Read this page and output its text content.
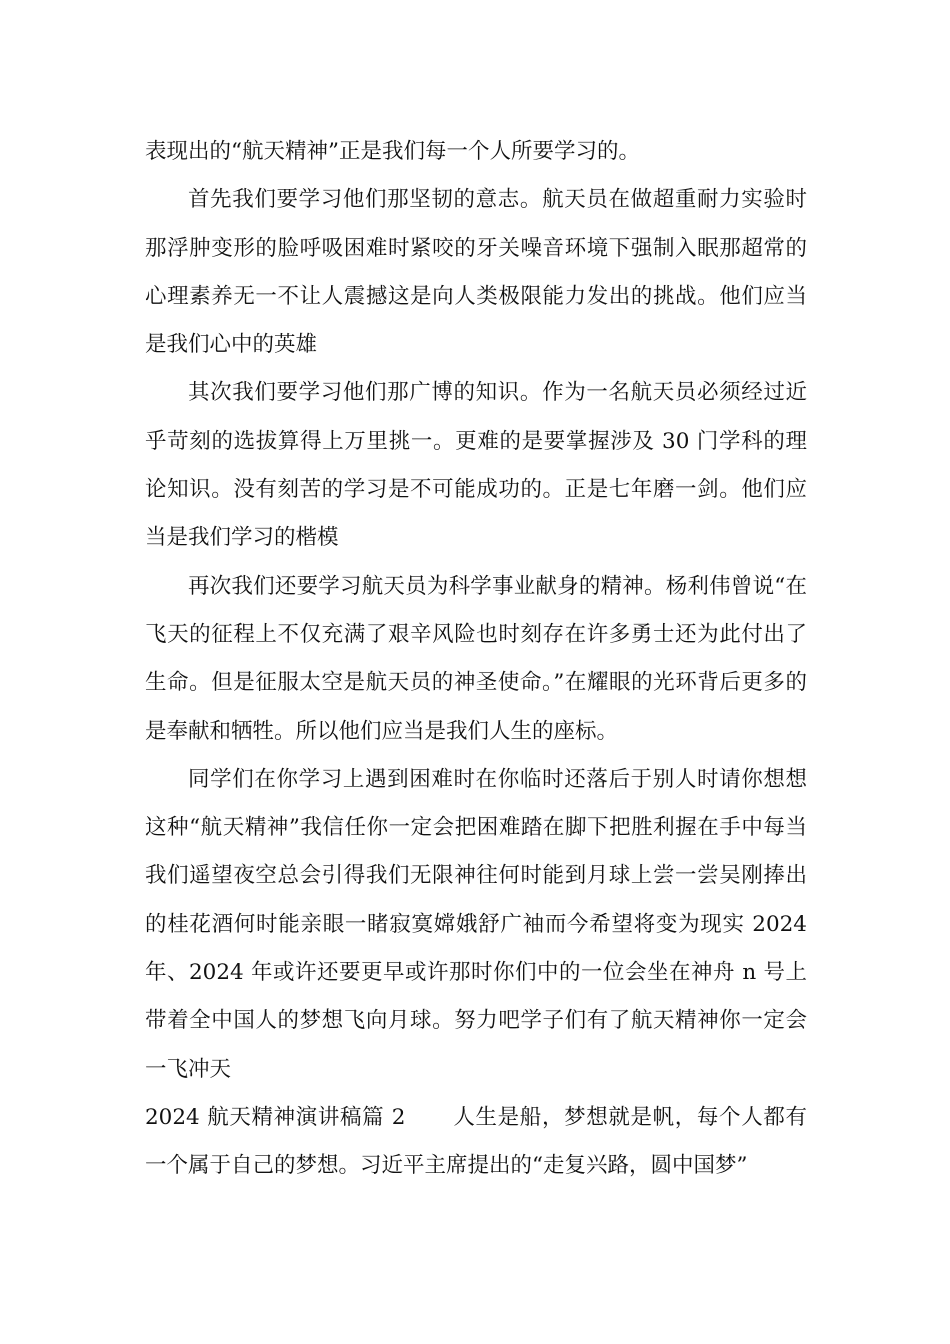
表现出的“航天精神”正是我们每一个人所要学习的。

首先我们要学习他们那坚韧的意志。航天员在做超重耐力实验时那浮肿变形的脸呼吸困难时紧咬的牙关噪音环境下强制入眠那超常的心理素养无一不让人震撼这是向人类极限能力发出的挑战。他们应当是我们心中的英雄

其次我们要学习他们那广博的知识。作为一名航天员必须经过近乎苛刻的选拔算得上万里挑一。更难的是要掌握涉及 30 门学科的理论知识。没有刻苦的学习是不可能成功的。正是七年磨一剑。他们应当是我们学习的楷模

再次我们还要学习航天员为科学事业献身的精神。杨利伟曾说“在飞天的征程上不仅充满了艰辛风险也时刻存在许多勇士还为此付出了生命。但是征服太空是航天员的神圣使命。”在耀眼的光环背后更多的是奉献和牺牲。所以他们应当是我们人生的座标。

同学们在你学习上遇到困难时在你临时还落后于别人时请你想想这种“航天精神”我信任你一定会把困难踏在脚下把胜利握在手中每当我们遥望夜空总会引得我们无限神往何时能到月球上尝一尝吴刚捧出的桂花酒何时能亲眼一睹寂寞嫦娥舒广袖而今希望将变为现实 2024 年、2024 年或许还要更早或许那时你们中的一位会坐在神舟 n 号上带着全中国人的梦想飞向月球。努力吧学子们有了航天精神你一定会一飞冲天

2024 航天精神演讲稿篇 2 人生是船，梦想就是帆，每个人都有一个属于自己的梦想。习近平主席提出的“走复兴路，圆中国梦”
